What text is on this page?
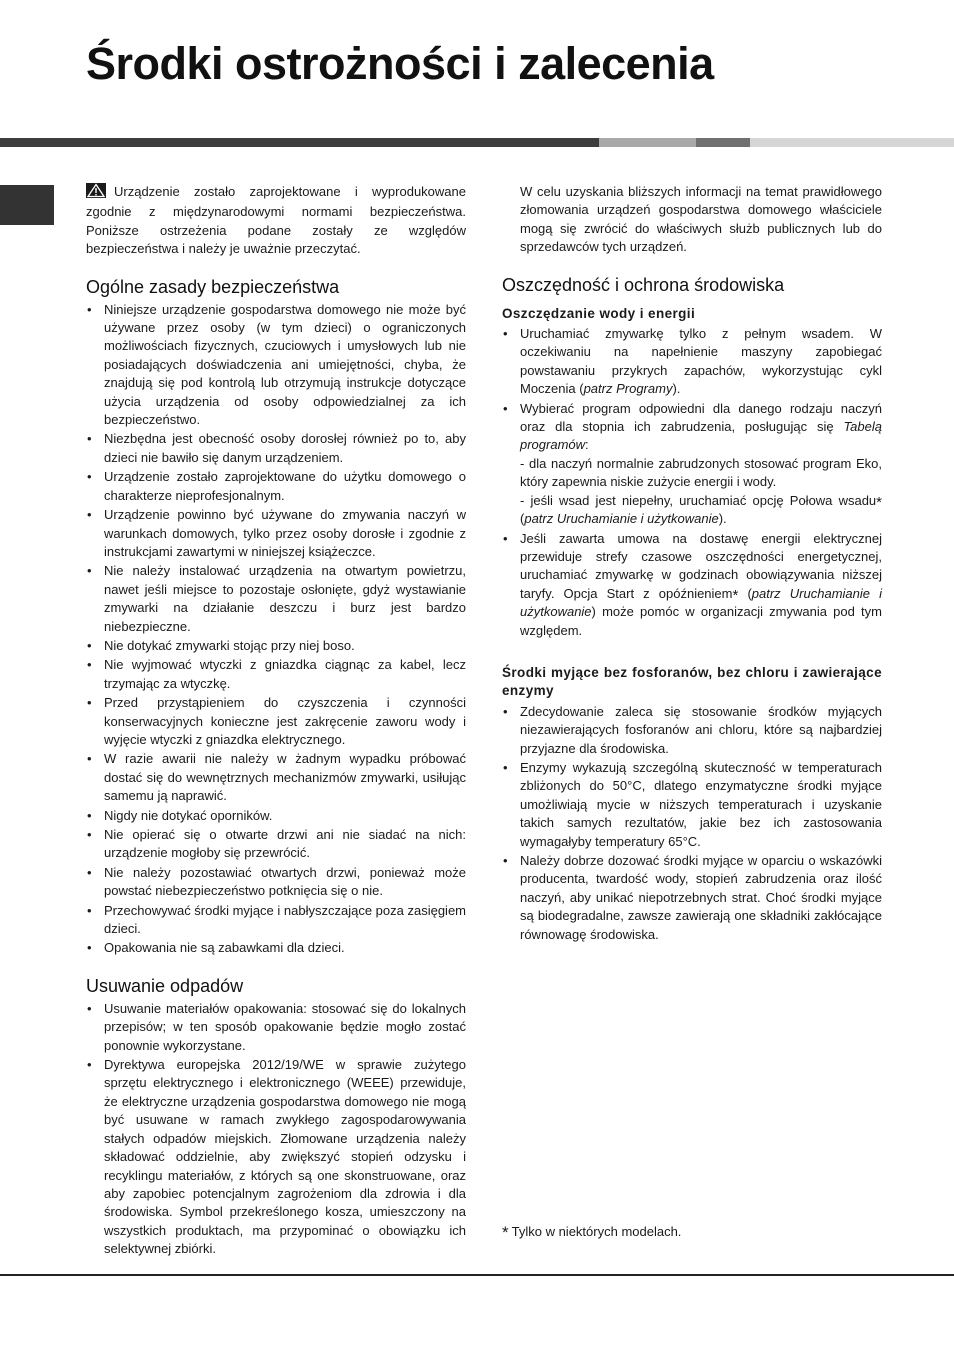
Środki ostrożności i zalecenia

Urządzenie zostało zaprojektowane i wyprodukowane zgodnie z międzynarodowymi normami bezpieczeństwa. Poniższe ostrzeżenia podane zostały ze względów bezpieczeństwa i należy je uważnie przeczytać.

Ogólne zasady bezpieczeństwa
• Niniejsze urządzenie gospodarstwa domowego nie może być używane przez osoby (w tym dzieci) o ograniczonych możliwościach fizycznych, czuciowych i umysłowych lub nie posiadających doświadczenia ani umiejętności, chyba, że znajdują się pod kontrolą lub otrzymują instrukcje dotyczące użycia urządzenia od osoby odpowiedzialnej za ich bezpieczeństwo.
• Niezbędna jest obecność osoby dorosłej również po to, aby dzieci nie bawiło się danym urządzeniem.
• Urządzenie zostało zaprojektowane do użytku domowego o charakterze nieprofesjonalnym.
• Urządzenie powinno być używane do zmywania naczyń w warunkach domowych, tylko przez osoby dorosłe i zgodnie z instrukcjami zawartymi w niniejszej książeczce.
• Nie należy instalować urządzenia na otwartym powietrzu, nawet jeśli miejsce to pozostaje osłonięte, gdyż wystawianie zmywarki na działanie deszczu i burz jest bardzo niebezpieczne.
• Nie dotykać zmywarki stojąc przy niej boso.
• Nie wyjmować wtyczki z gniazdka ciągnąc za kabel, lecz trzymając za wtyczkę.
• Przed przystąpieniem do czyszczenia i czynności konserwacyjnych konieczne jest zakręcenie zaworu wody i wyjęcie wtyczki z gniazdka elektrycznego.
• W razie awarii nie należy w żadnym wypadku próbować dostać się do wewnętrznych mechanizmów zmywarki, usiłując samemu ją naprawić.
• Nigdy nie dotykać oporników.
• Nie opierać się o otwarte drzwi ani nie siadać na nich: urządzenie mogłoby się przewrócić.
• Nie należy pozostawiać otwartych drzwi, ponieważ może powstać niebezpieczeństwo potknięcia się o nie.
• Przechowywać środki myjące i nabłyszczające poza zasięgiem dzieci.
• Opakowania nie są zabawkami dla dzieci.
Usuwanie odpadów
• Usuwanie materiałów opakowania: stosować się do lokalnych przepisów; w ten sposób opakowanie będzie mogło zostać ponownie wykorzystane.
• Dyrektywa europejska 2012/19/WE w sprawie zużytego sprzętu elektrycznego i elektronicznego (WEEE) przewiduje, że elektryczne urządzenia gospodarstwa domowego nie mogą być usuwane w ramach zwykłego zagospodarowywania stałych odpadów miejskich. Złomowane urządzenia należy składować oddzielnie, aby zwiększyć stopień odzysku i recyklingu materiałów, z których są one skonstruowane, oraz aby zapobiec potencjalnym zagrożeniom dla zdrowia i dla środowiska. Symbol przekreślonego kosza, umieszczony na wszystkich produktach, ma przypominać o obowiązku ich selektywnej zbiórki.

W celu uzyskania bliższych informacji na temat prawidłowego złomowania urządzeń gospodarstwa domowego właściciele mogą się zwrócić do właściwych służb publicznych lub do sprzedawców tych urządzeń.

Oszczędność i ochrona środowiska
Oszczędzanie wody i energii
• Uruchamiać zmywarkę tylko z pełnym wsadem. W oczekiwaniu na napełnienie maszyny zapobiegać powstawaniu przykrych zapachów, wykorzystując cykl Moczenia (patrz Programy).
• Wybierać program odpowiedni dla danego rodzaju naczyń oraz dla stopnia ich zabrudzenia, posługując się Tabelą programów:
- dla naczyń normalnie zabrudzonych stosować program Eko, który zapewnia niskie zużycie energii i wody.
- jeśli wsad jest niepełny, uruchamiać opcję Połowa wsadu* (patrz Uruchamianie i użytkowanie).
• Jeśli zawarta umowa na dostawę energii elektrycznej przewiduje strefy czasowe oszczędności energetycznej, uruchamiać zmywarkę w godzinach obowiązywania niższej taryfy. Opcja Start z opóźnieniem* (patrz Uruchamianie i użytkowanie) może pomóc w organizacji zmywania pod tym względem.
Środki myjące bez fosforanów, bez chloru i zawierające enzymy
• Zdecydowanie zaleca się stosowanie środków myjących niezawierających fosforanów ani chloru, które są najbardziej przyjazne dla środowiska.
• Enzymy wykazują szczególną skuteczność w temperaturach zbliżonych do 50°C, dlatego enzymatyczne środki myjące umożliwiają mycie w niższych temperaturach i uzyskanie takich samych rezultatów, jakie bez ich zastosowania wymagałyby temperatury 65°C.
• Należy dobrze dozować środki myjące w oparciu o wskazówki producenta, twardość wody, stopień zabrudzenia oraz ilość naczyń, aby unikać niepotrzebnych strat. Choć środki myjące są biodegradalne, zawsze zawierają one składniki zakłócające równowagę środowiska.
* Tylko w niektórych modelach.
